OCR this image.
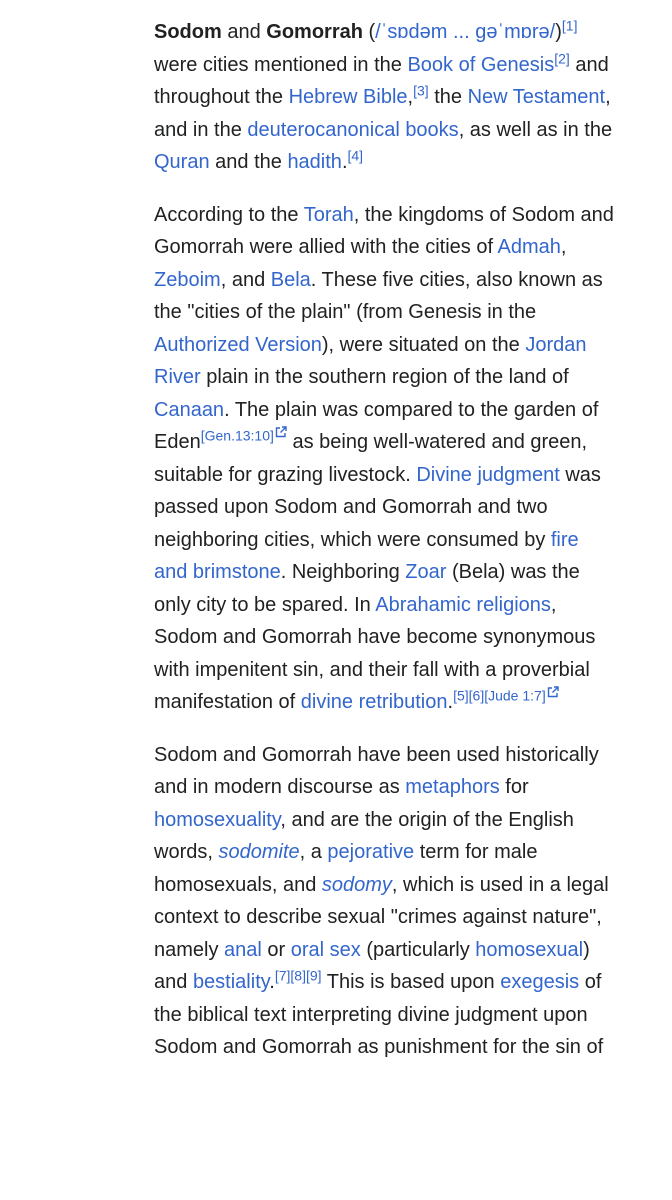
Sodom and Gomorrah (/ˈsɒdəm ... ɡəˈmɒrə/)[1] were cities mentioned in the Book of Genesis[2] and throughout the Hebrew Bible,[3] the New Testament, and in the deuterocanonical books, as well as in the Quran and the hadith.[4]

According to the Torah, the kingdoms of Sodom and Gomorrah were allied with the cities of Admah, Zeboim, and Bela. These five cities, also known as the "cities of the plain" (from Genesis in the Authorized Version), were situated on the Jordan River plain in the southern region of the land of Canaan. The plain was compared to the garden of Eden[Gen.13:10] as being well-watered and green, suitable for grazing livestock. Divine judgment was passed upon Sodom and Gomorrah and two neighboring cities, which were consumed by fire and brimstone. Neighboring Zoar (Bela) was the only city to be spared. In Abrahamic religions, Sodom and Gomorrah have become synonymous with impenitent sin, and their fall with a proverbial manifestation of divine retribution.[5][6][Jude 1:7]

Sodom and Gomorrah have been used historically and in modern discourse as metaphors for homosexuality, and are the origin of the English words, sodomite, a pejorative term for male homosexuals, and sodomy, which is used in a legal context to describe sexual "crimes against nature", namely anal or oral sex (particularly homosexual) and bestiality.[7][8][9] This is based upon exegesis of the biblical text interpreting divine judgment upon Sodom and Gomorrah as punishment for the sin of
